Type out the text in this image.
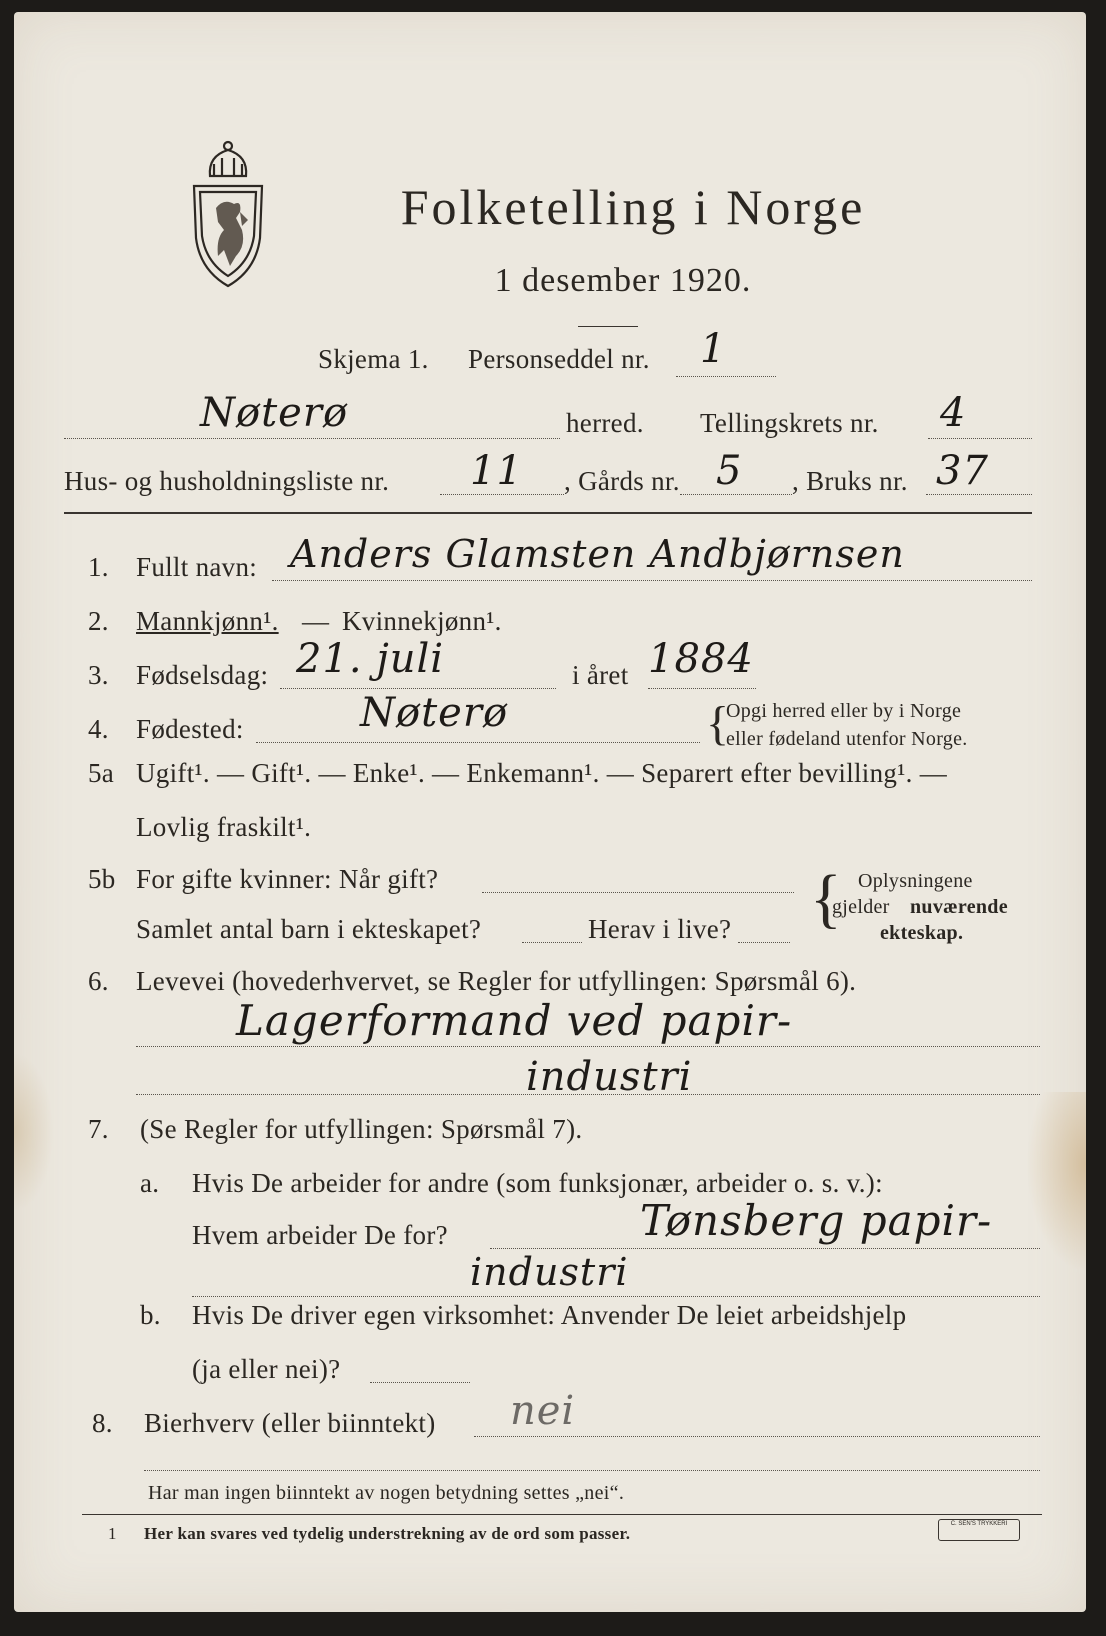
Folketelling i Norge
1 desember 1920.
Skjema 1. Personseddel nr. 1
Nøterø	herred. Tellingskrets nr. 4
Hus- og husholdningsliste nr. 11 , Gårds nr. 5 , Bruks nr. 37
1. Fullt navn: Anders Glamsten Andbjørnsen
2. Mannkjønn¹. — Kvinnekjønn¹.
3. Fødselsdag: 21. juli	i året 1884
4. Fødested:	Nøterø	{
Opgi herred eller by i Norge
eller fødeland utenfor Norge.
5a Ugift¹. — Gift¹. — Enke¹. — Enkemann¹. — Separert efter bevilling¹. —
Lovlig fraskilt¹.
5b For gifte kvinner: Når gift?
Samlet antal barn i ekteskapet?	Herav i live? { Oplysningene
gjelder nuværende
ekteskap.
6. Levevei (hovederhvervet, se Regler for utfyllingen: Spørsmål 6).
Lagerformand ved papir-
industri
7. (Se Regler for utfyllingen: Spørsmål 7).
a. Hvis De arbeider for andre (som funksjonær, arbeider o. s. v.):
Hvem arbeider De for?	Tønsberg papir-
industri
b. Hvis De driver egen virksomhet: Anvender De leiet arbeidshjelp
(ja eller nei)?
8. Bierhverv (eller biinntekt) nei
Har man ingen biinntekt av nogen betydning settes „nei“.
1 Her kan svares ved tydelig understrekning av de ord som passer.	C. SEN'S TRYKKERI
